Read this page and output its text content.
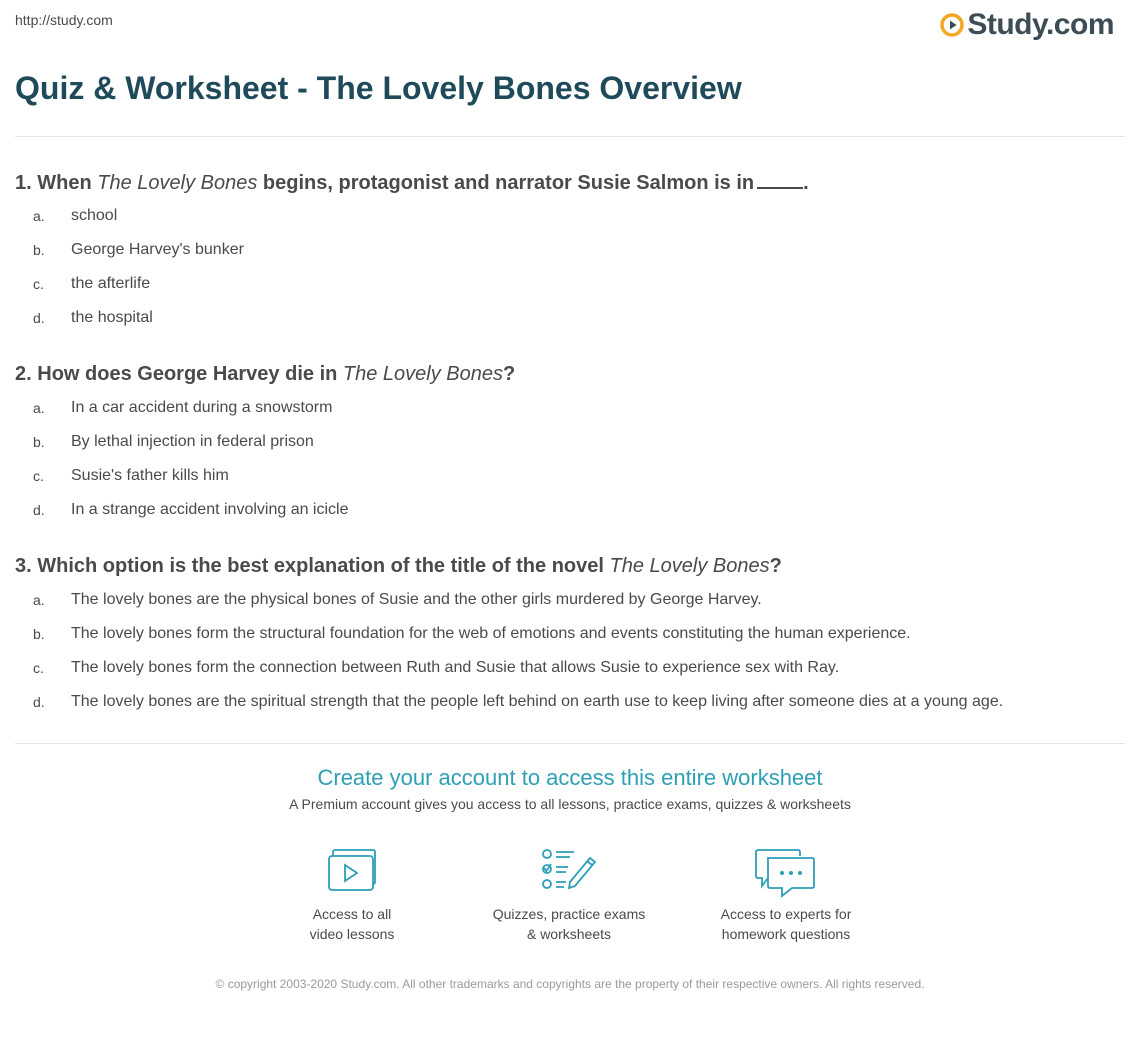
http://study.com	Study.com
Quiz & Worksheet - The Lovely Bones Overview
1. When The Lovely Bones begins, protagonist and narrator Susie Salmon is in .
a. school
b. George Harvey's bunker
c. the afterlife
d. the hospital
2. How does George Harvey die in The Lovely Bones?
a. In a car accident during a snowstorm
b. By lethal injection in federal prison
c. Susie's father kills him
d. In a strange accident involving an icicle
3. Which option is the best explanation of the title of the novel The Lovely Bones?
a. The lovely bones are the physical bones of Susie and the other girls murdered by George Harvey.
b. The lovely bones form the structural foundation for the web of emotions and events constituting the human experience.
c. The lovely bones form the connection between Ruth and Susie that allows Susie to experience sex with Ray.
d. The lovely bones are the spiritual strength that the people left behind on earth use to keep living after someone dies at a young age.
Create your account to access this entire worksheet
A Premium account gives you access to all lessons, practice exams, quizzes & worksheets
Access to all
video lessons
Quizzes, practice exams
& worksheets
Access to experts for
homework questions
© copyright 2003-2020 Study.com. All other trademarks and copyrights are the property of their respective owners. All rights reserved.
